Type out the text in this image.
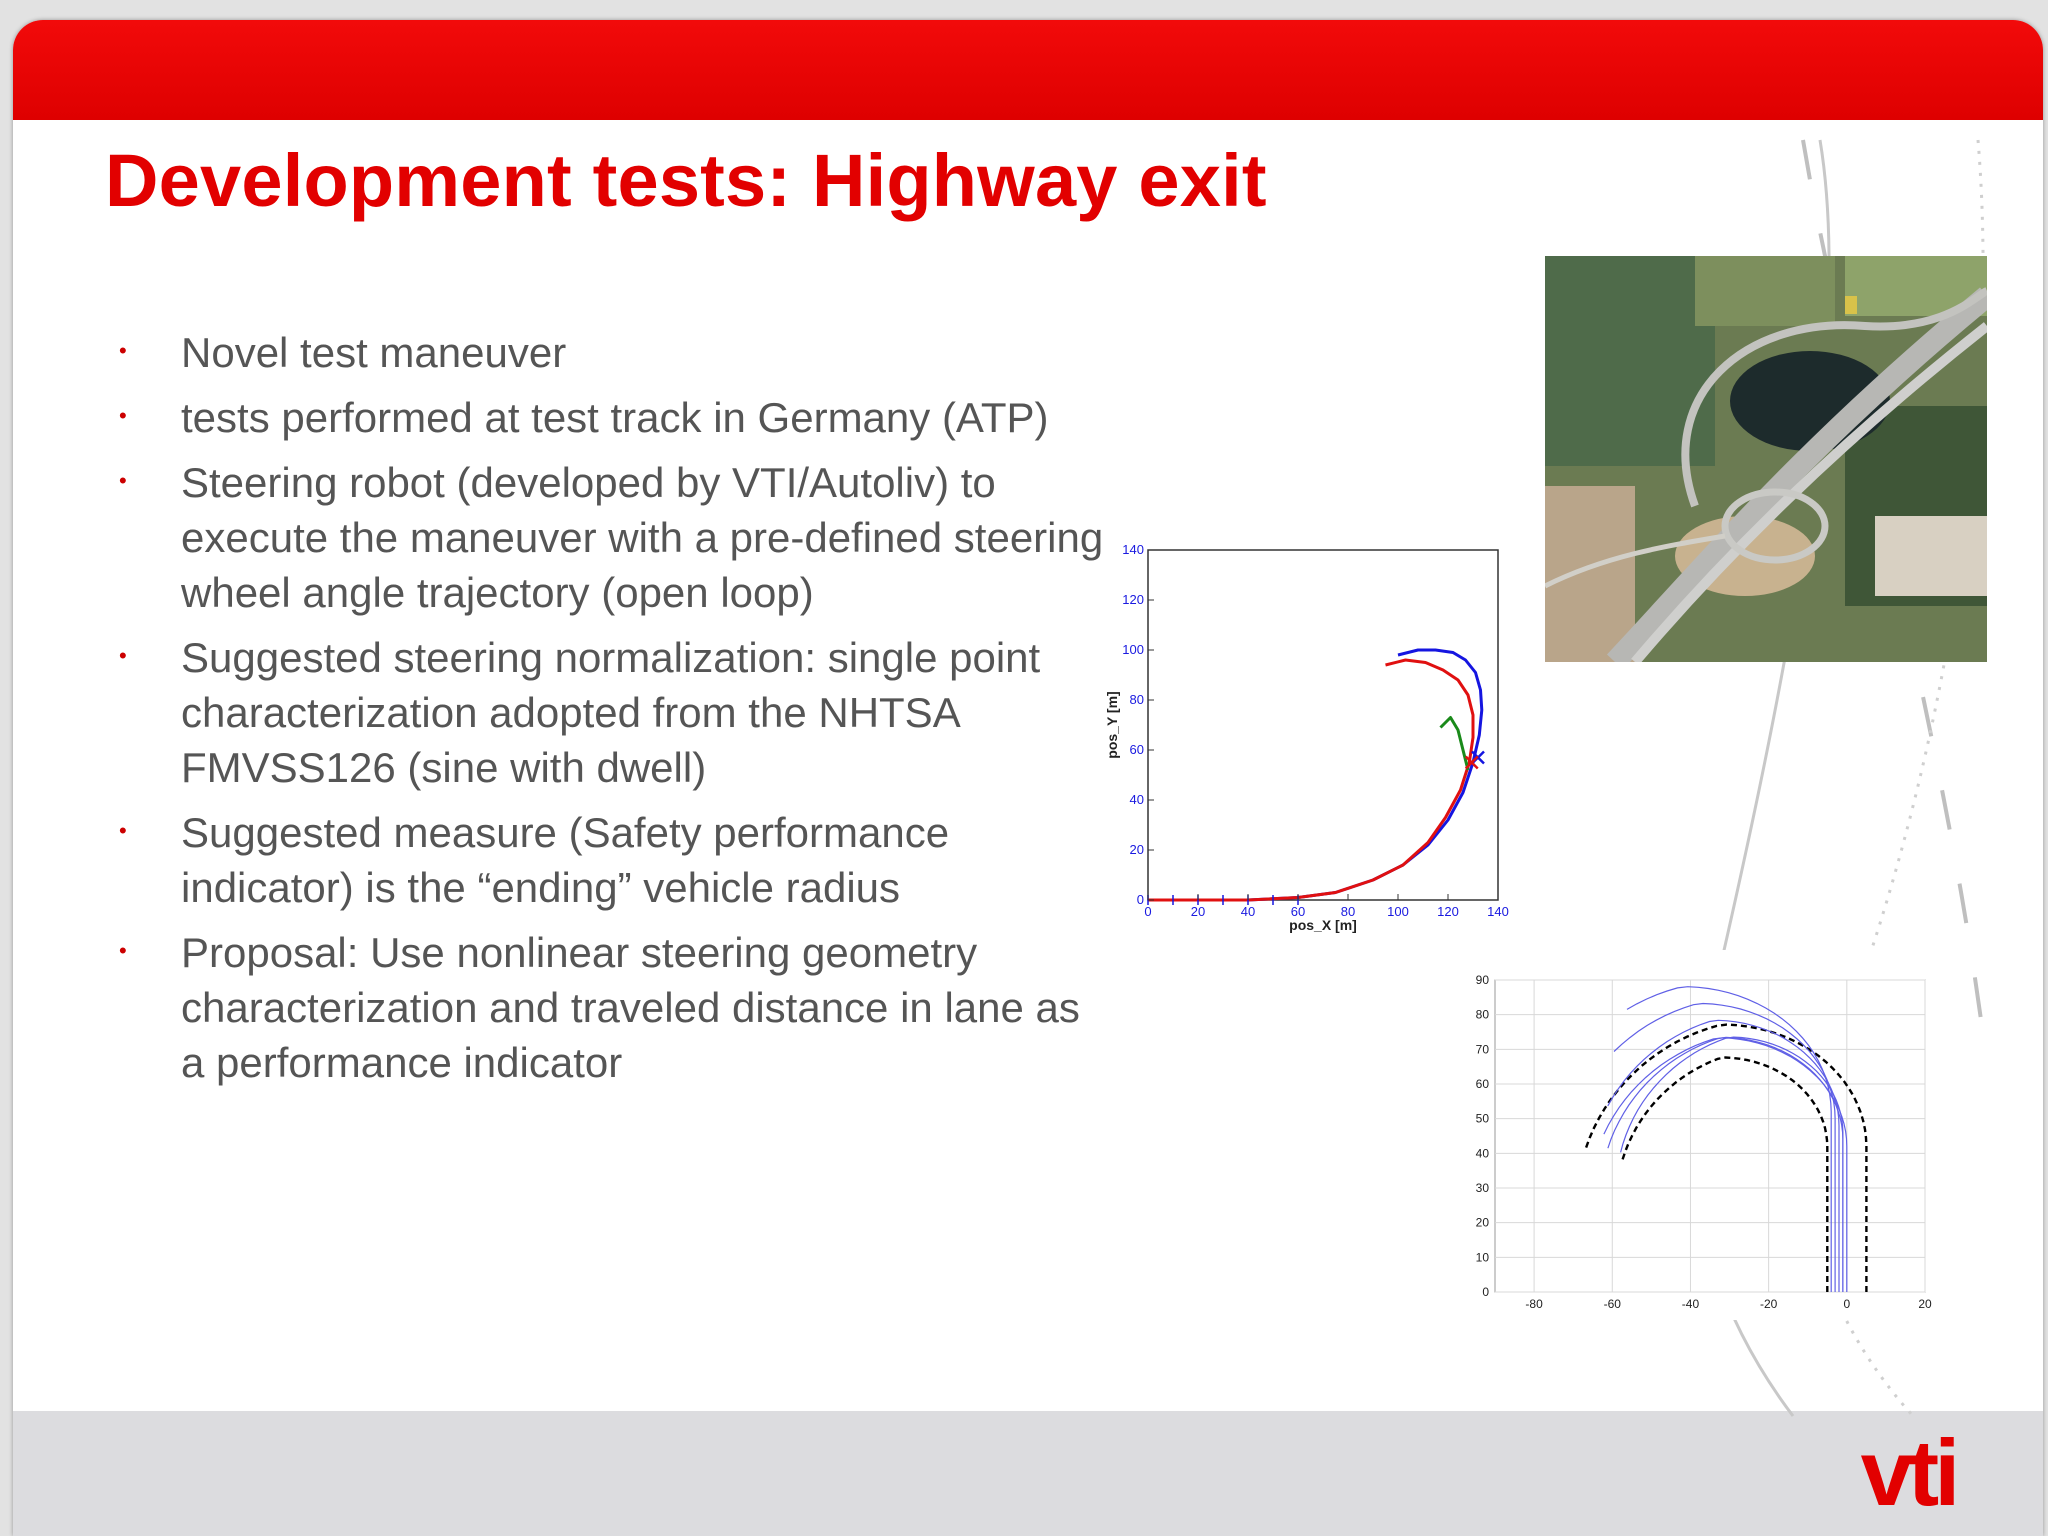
Development tests: Highway exit
• Novel test maneuver
• tests performed at test track in Germany (ATP)
• Steering robot (developed by VTI/Autoliv) to execute the maneuver with a pre-defined steering wheel angle trajectory (open loop)
• Suggested steering normalization: single point characterization adopted from the NHTSA FMVSS126 (sine with dwell)
• Suggested measure (Safety performance indicator) is the “ending” vehicle radius
• Proposal: Use nonlinear steering geometry characterization and traveled distance in lane as a performance indicator
0	20	40	60	80 100 120 140
0
20
40
60
80
100
120
140
pos_X [m]
pos_Y [m]
-80	-60	-40	-20	0	20
0
10
20
30
40
50
60
70
80
90
vti
